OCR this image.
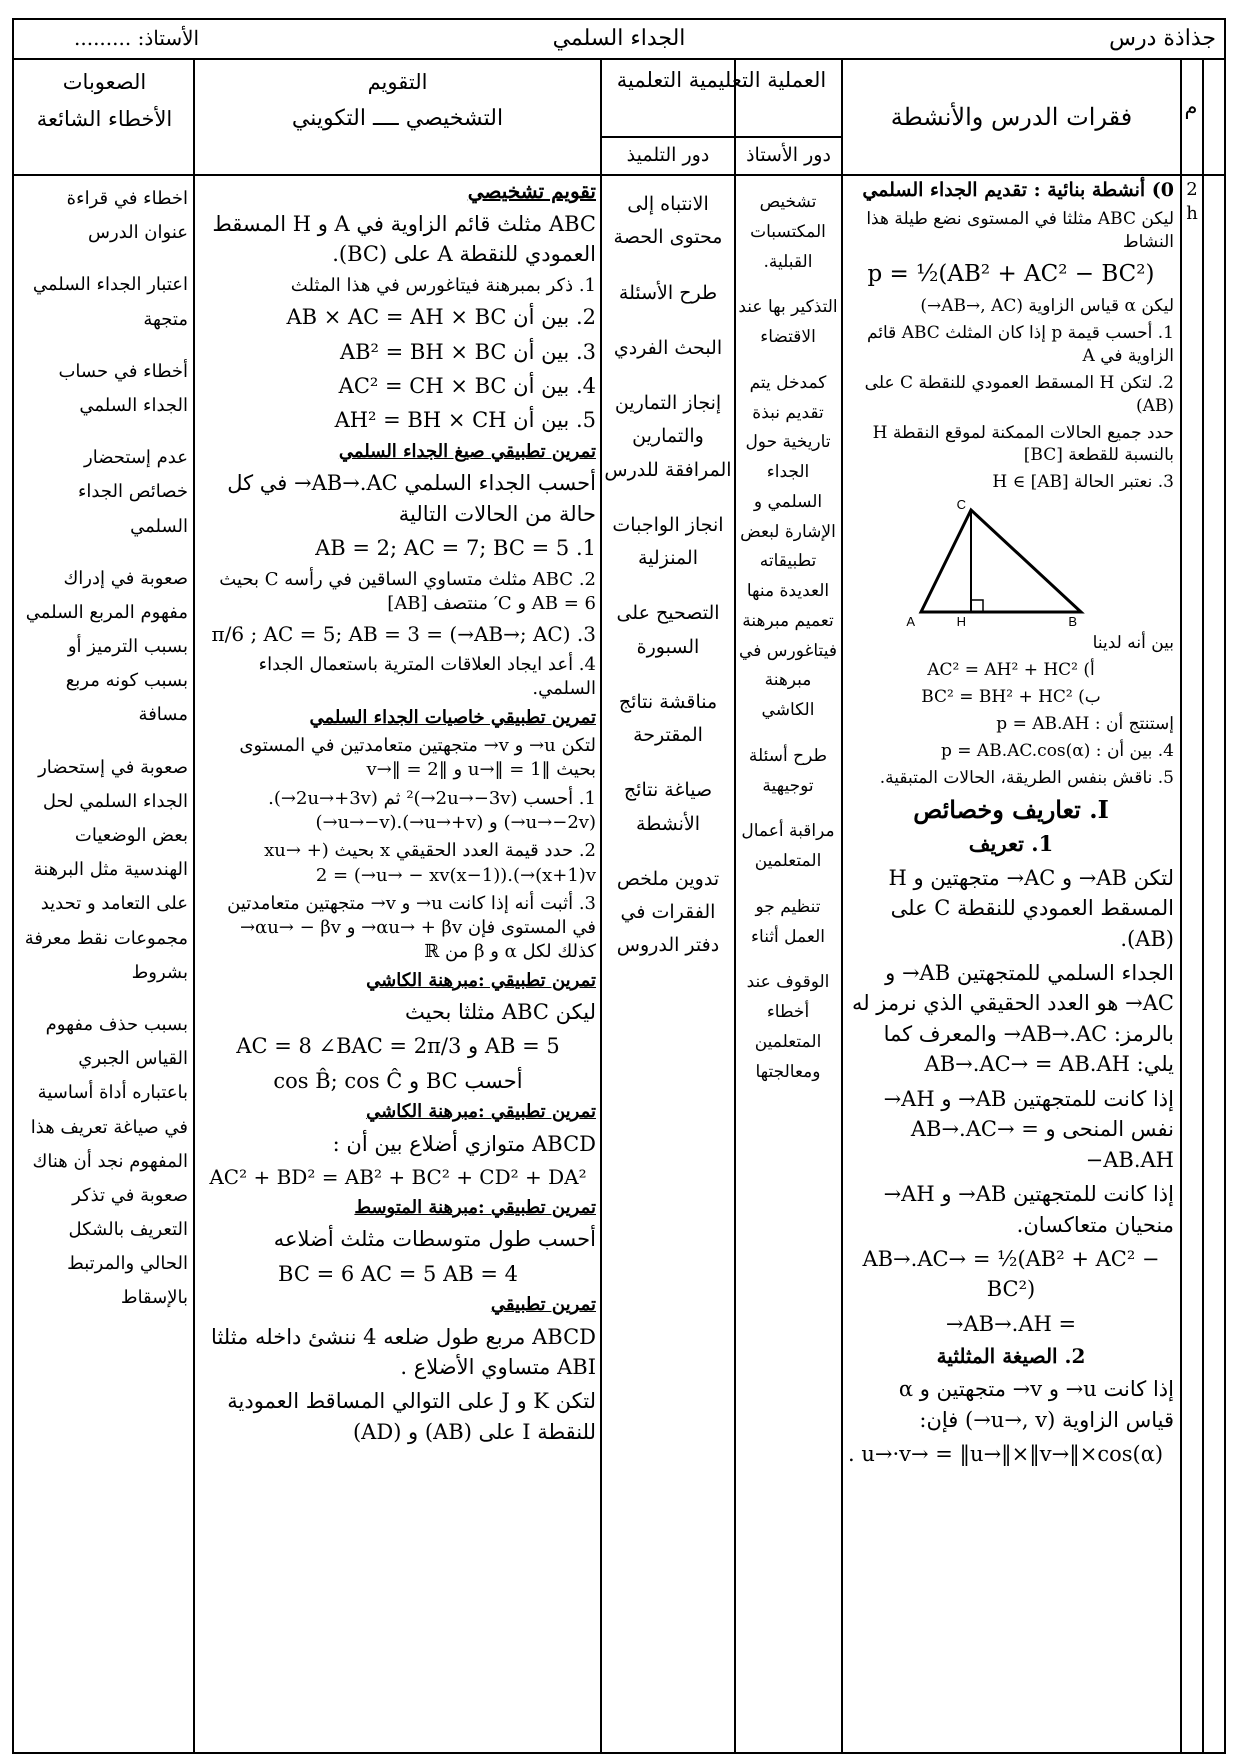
جذاذة درس
الجداء السلمي
الأستاذ: .........
م
فقرات الدرس والأنشطة
العملية التعليمية التعلمية
دور الأستاذ
دور التلميذ
التقويم
التشخيصي ــــ التكويني
الصعوبات
الأخطاء الشائعة
2
h

0) أنشطة بنائية : تقديم الجداء السلمي

ليكن ABC مثلثا في المستوى نضع طيلة هذا النشاط

p = ½(AB² + AC² − BC²)

ليكن α قياس الزاوية (AB→, AC→)

1. أحسب قيمة p إذا كان المثلث ABC قائم الزاوية في A

2. لتكن H المسقط العمودي للنقطة C على (AB)

حدد جميع الحالات الممكنة لموقع النقطة H بالنسبة للقطعة [BC]

3. نعتبر الحالة H ∈ [AB]

C
A	H	B

بين أنه لدينا

أ) AC² = AH² + HC²

ب) BC² = BH² + HC²

إستنتج أن : p = AB.AH

4. بين أن : p = AB.AC.cos(α)

5. ناقش بنفس الطريقة، الحالات المتبقية.

I. تعاريف وخصائص

1. تعريف

لتكن AB→ و AC→ متجهتين و H المسقط العمودي للنقطة C على (AB).

الجداء السلمي للمتجهتين AB→ و AC→ هو العدد الحقيقي الذي نرمز له بالرمز: AB→.AC→ والمعرف كما يلي: AB→.AC→ = AB.AH

إذا كانت للمتجهتين AB→ و AH→ نفس المنحى و AB→.AC→ = −AB.AH

إذا كانت للمتجهتين AB→ و AH→ منحيان متعاكسان.

AB→.AC→ = ½(AB² + AC² − BC²)

= AB→.AH→

2. الصيغة المثلثية

إذا كانت u→ و v→ متجهتين و α قياس الزاوية (u→, v→) فإن:

. u→·v→ = ‖u→‖×‖v→‖×cos(α)

تشخيص المكتسبات القبلية.

التذكير بها عند الاقتضاء

كمدخل يتم تقديم نبذة تاريخية حول الجداء السلمي و الإشارة لبعض تطبيقاته العديدة منها تعميم مبرهنة فيتاغورس في مبرهنة الكاشي

طرح أسئلة توجيهية

مراقبة أعمال المتعلمين

تنظيم جو العمل أثناء

الوقوف عند أخطاء المتعلمين ومعالجتها

الانتباه إلى محتوى الحصة

طرح الأسئلة

البحث الفردي

إنجاز التمارين والتمارين المرافقة للدرس

انجاز الواجبات المنزلية

التصحيح على السبورة

مناقشة نتائج المقترحة

صياغة نتائج الأنشطة

تدوين ملخص الفقرات في دفتر الدروس

تقويم تشخيصي

ABC مثلث قائم الزاوية في A و H المسقط العمودي للنقطة A على (BC).

1. ذكر بمبرهنة فيتاغورس في هذا المثلث

2. بين أن AB × AC = AH × BC

3. بين أن AB² = BH × BC

4. بين أن AC² = CH × BC

5. بين أن AH² = BH × CH

تمرين تطبيقي صيغ الجداء السلمي

أحسب الجداء السلمي AB→.AC→ في كل حالة من الحالات التالية

1. AB = 2; AC = 7; BC = 5

2. ABC مثلث متساوي الساقين في رأسه C بحيث AB = 6 و C′ منتصف [AB]

3. (AB→; AC→) = π/6 ; AC = 5; AB = 3

4. أعد ايجاد العلاقات المترية باستعمال الجداء السلمي.

تمرين تطبيقي خاصيات الجداء السلمي

لتكن u→ و v→ متجهتين متعامدتين في المستوى بحيث ‖u→‖ = 1 و ‖v→‖ = 2

1. أحسب (2u→−3v→)² ثم (2u→+3v→).(u→−2v→) و (u→+v→).(u→−v→)

2. حدد قيمة العدد الحقيقي x بحيث (xu→ + (x+1)v→).((x−1)u→ − xv→) = 2

3. أثبت أنه إذا كانت u→ و v→ متجهتين متعامدتين في المستوى فإن αu→ + βv→ و αu→ − βv→ كذلك لكل α و β من ℝ

تمرين تطبيقي :مبرهنة الكاشي

ليكن ABC مثلثا بحيث

AB = 5 و AC = 8 ∠BAC = 2π/3

أحسب BC و cos B̂; cos Ĉ

تمرين تطبيقي :مبرهنة الكاشي

ABCD متوازي أضلاع بين أن :

AC² + BD² = AB² + BC² + CD² + DA²

تمرين تطبيقي :مبرهنة المتوسط

أحسب طول متوسطات مثلث أضلاعه

BC = 6 AC = 5 AB = 4

تمرين تطبيقي

ABCD مربع طول ضلعه 4 ننشئ داخله مثلثا ABI متساوي الأضلاع .

لتكن K و J على التوالي المساقط العمودية للنقطة I على (AB) و (AD)

اخطاء في قراءة عنوان الدرس

اعتبار الجداء السلمي متجهة

أخطاء في حساب الجداء السلمي

عدم إستحضار خصائص الجداء السلمي

صعوبة في إدراك مفهوم المربع السلمي بسبب الترميز أو بسبب كونه مربع مسافة

صعوبة في إستحضار الجداء السلمي لحل بعض الوضعيات الهندسية مثل البرهنة على التعامد و تحديد مجموعات نقط معرفة بشروط

بسبب حذف مفهوم القياس الجبري باعتباره أداة أساسية في صياغة تعريف هذا المفهوم نجد أن هناك صعوبة في تذكر التعريف بالشكل الحالي والمرتبط بالإسقاط
